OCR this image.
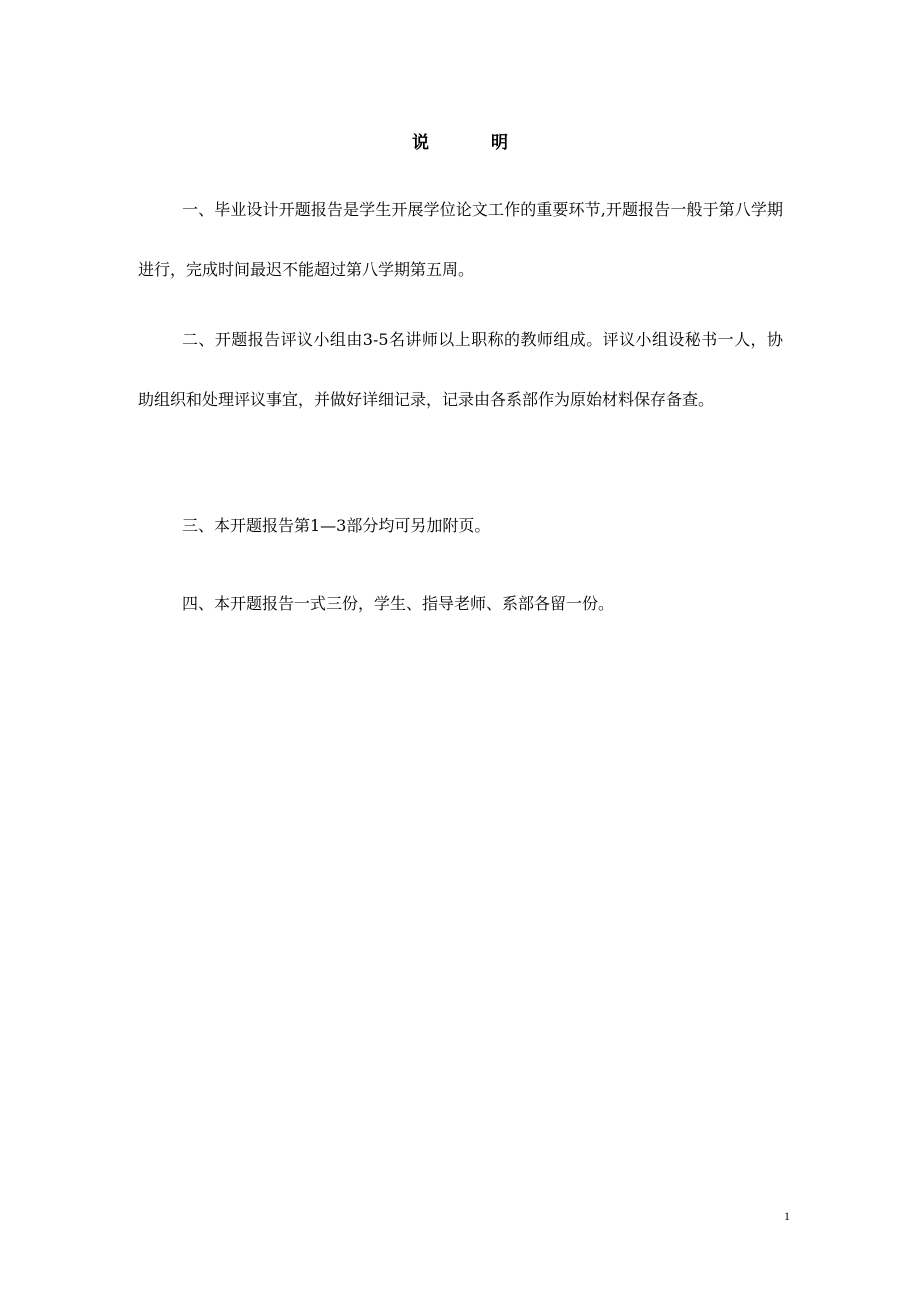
说 明

一、毕业设计开题报告是学生开展学位论文工作的重要环节,开题报告一般于第八学期进行，完成时间最迟不能超过第八学期第五周。

二、开题报告评议小组由3-5名讲师以上职称的教师组成。评议小组设秘书一人，协助组织和处理评议事宜，并做好详细记录，记录由各系部作为原始材料保存备查。

三、本开题报告第1—3部分均可另加附页。

四、本开题报告一式三份，学生、指导老师、系部各留一份。

1
